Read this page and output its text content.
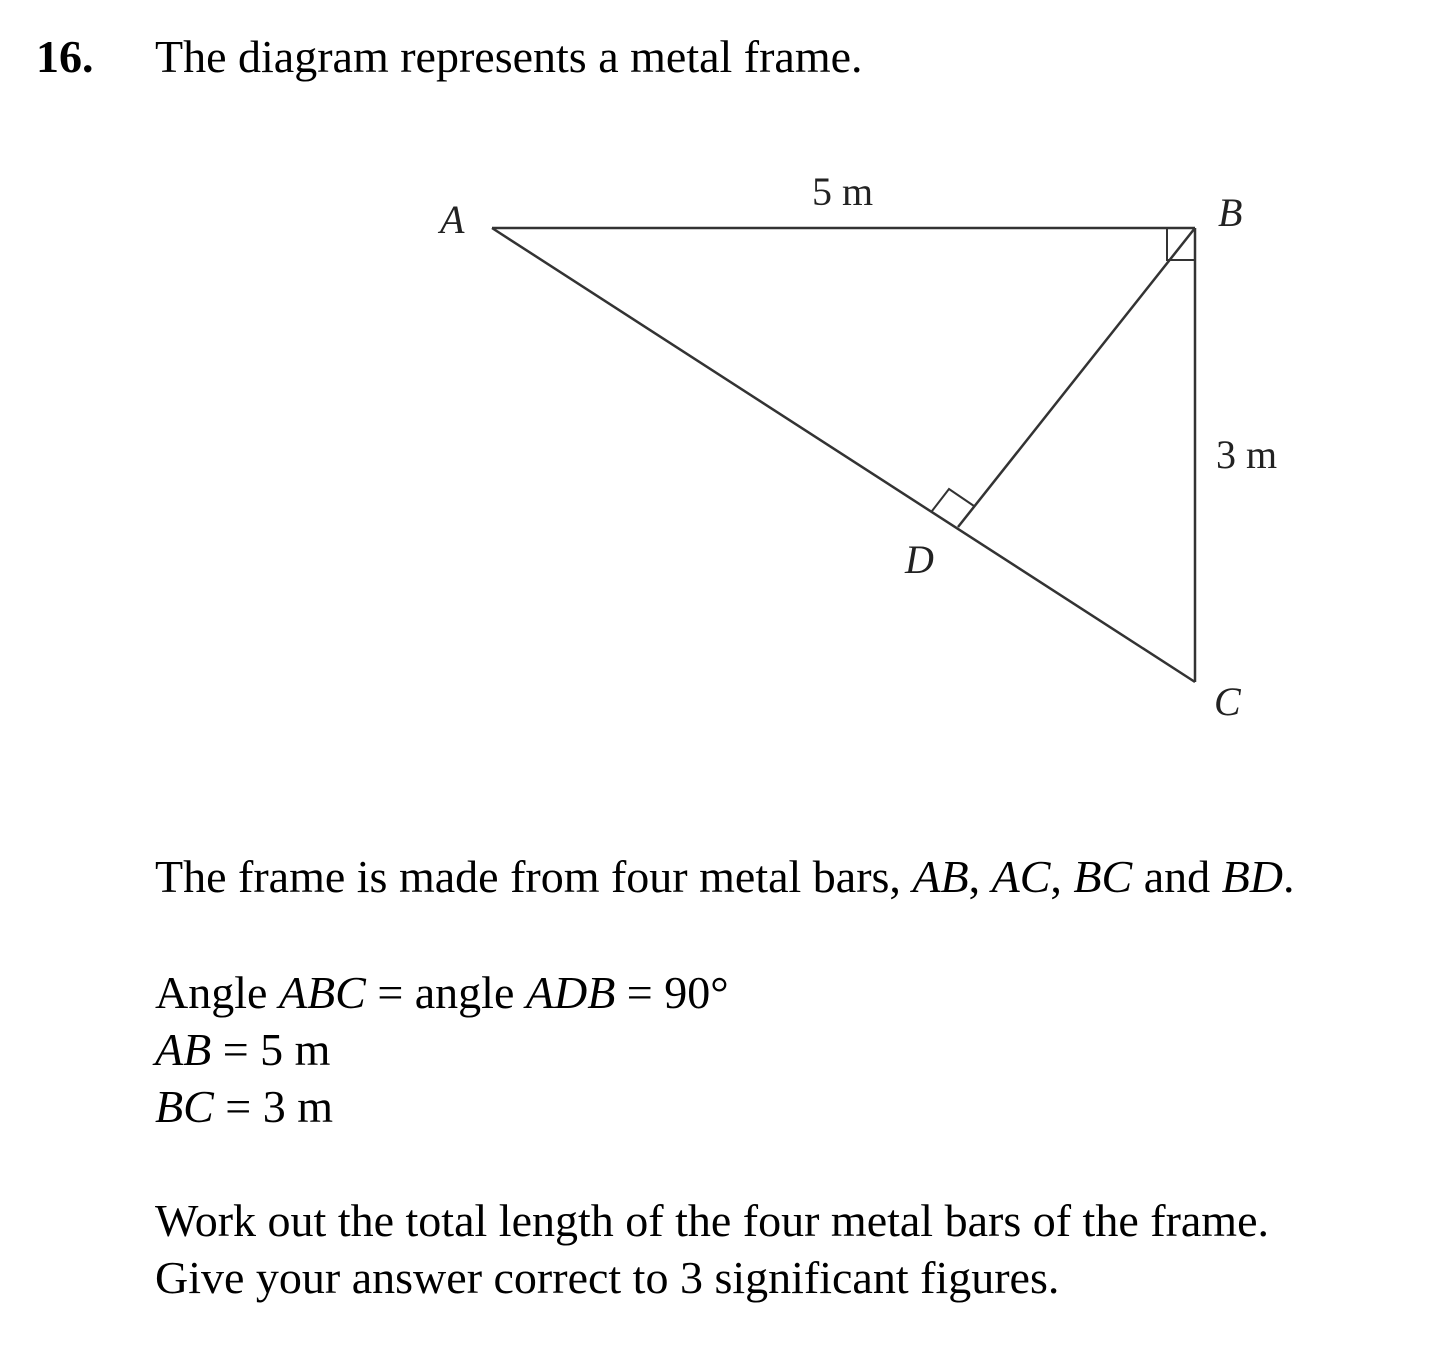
16. The diagram represents a metal frame.
A	B
C
D
5 m
3 m
The frame is made from four metal bars, AB, AC, BC and BD.
Angle ABC = angle ADB = 90°
AB = 5 m
BC = 3 m
Work out the total length of the four metal bars of the frame.
Give your answer correct to 3 significant figures.
